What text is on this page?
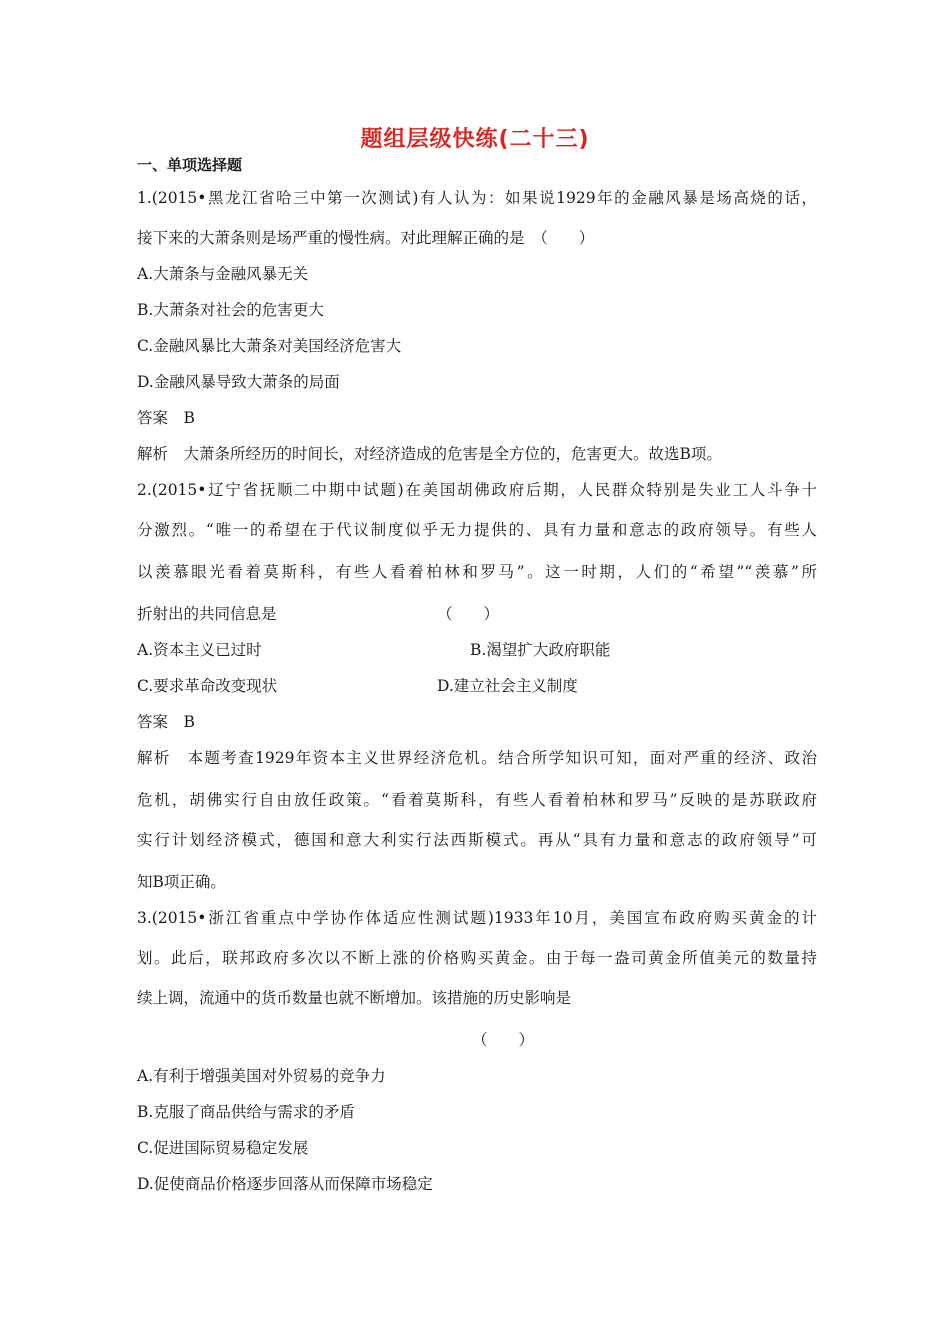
题组层级快练(二十三)
一、单项选择题
1.(2015•黑龙江省哈三中第一次测试)有人认为：如果说1929年的金融风暴是场高烧的话，
接下来的大萧条则是场严重的慢性病。对此理解正确的是　（　　）
A.大萧条与金融风暴无关
B.大萧条对社会的危害更大
C.金融风暴比大萧条对美国经济危害大
D.金融风暴导致大萧条的局面
答案　B
解析　大萧条所经历的时间长，对经济造成的危害是全方位的，危害更大。故选B项。
2.(2015•辽宁省抚顺二中期中试题)在美国胡佛政府后期，人民群众特别是失业工人斗争十
分激烈。“唯一的希望在于代议制度似乎无力提供的、具有力量和意志的政府领导。有些人
以羡慕眼光看着莫斯科，有些人看着柏林和罗马”。这一时期，人们的“希望”“羡慕”所
折射出的共同信息是	（　　）
A.资本主义已过时	B.渴望扩大政府职能
C.要求革命改变现状	D.建立社会主义制度
答案　B
解析　本题考查1929年资本主义世界经济危机。结合所学知识可知，面对严重的经济、政治
危机，胡佛实行自由放任政策。“看着莫斯科，有些人看着柏林和罗马”反映的是苏联政府
实行计划经济模式，德国和意大利实行法西斯模式。再从“具有力量和意志的政府领导”可
知B项正确。
3.(2015•浙江省重点中学协作体适应性测试题)1933年10月，美国宣布政府购买黄金的计
划。此后，联邦政府多次以不断上涨的价格购买黄金。由于每一盎司黄金所值美元的数量持
续上调，流通中的货币数量也就不断增加。该措施的历史影响是
（　　）
A.有利于增强美国对外贸易的竞争力
B.克服了商品供给与需求的矛盾
C.促进国际贸易稳定发展
D.促使商品价格逐步回落从而保障市场稳定
